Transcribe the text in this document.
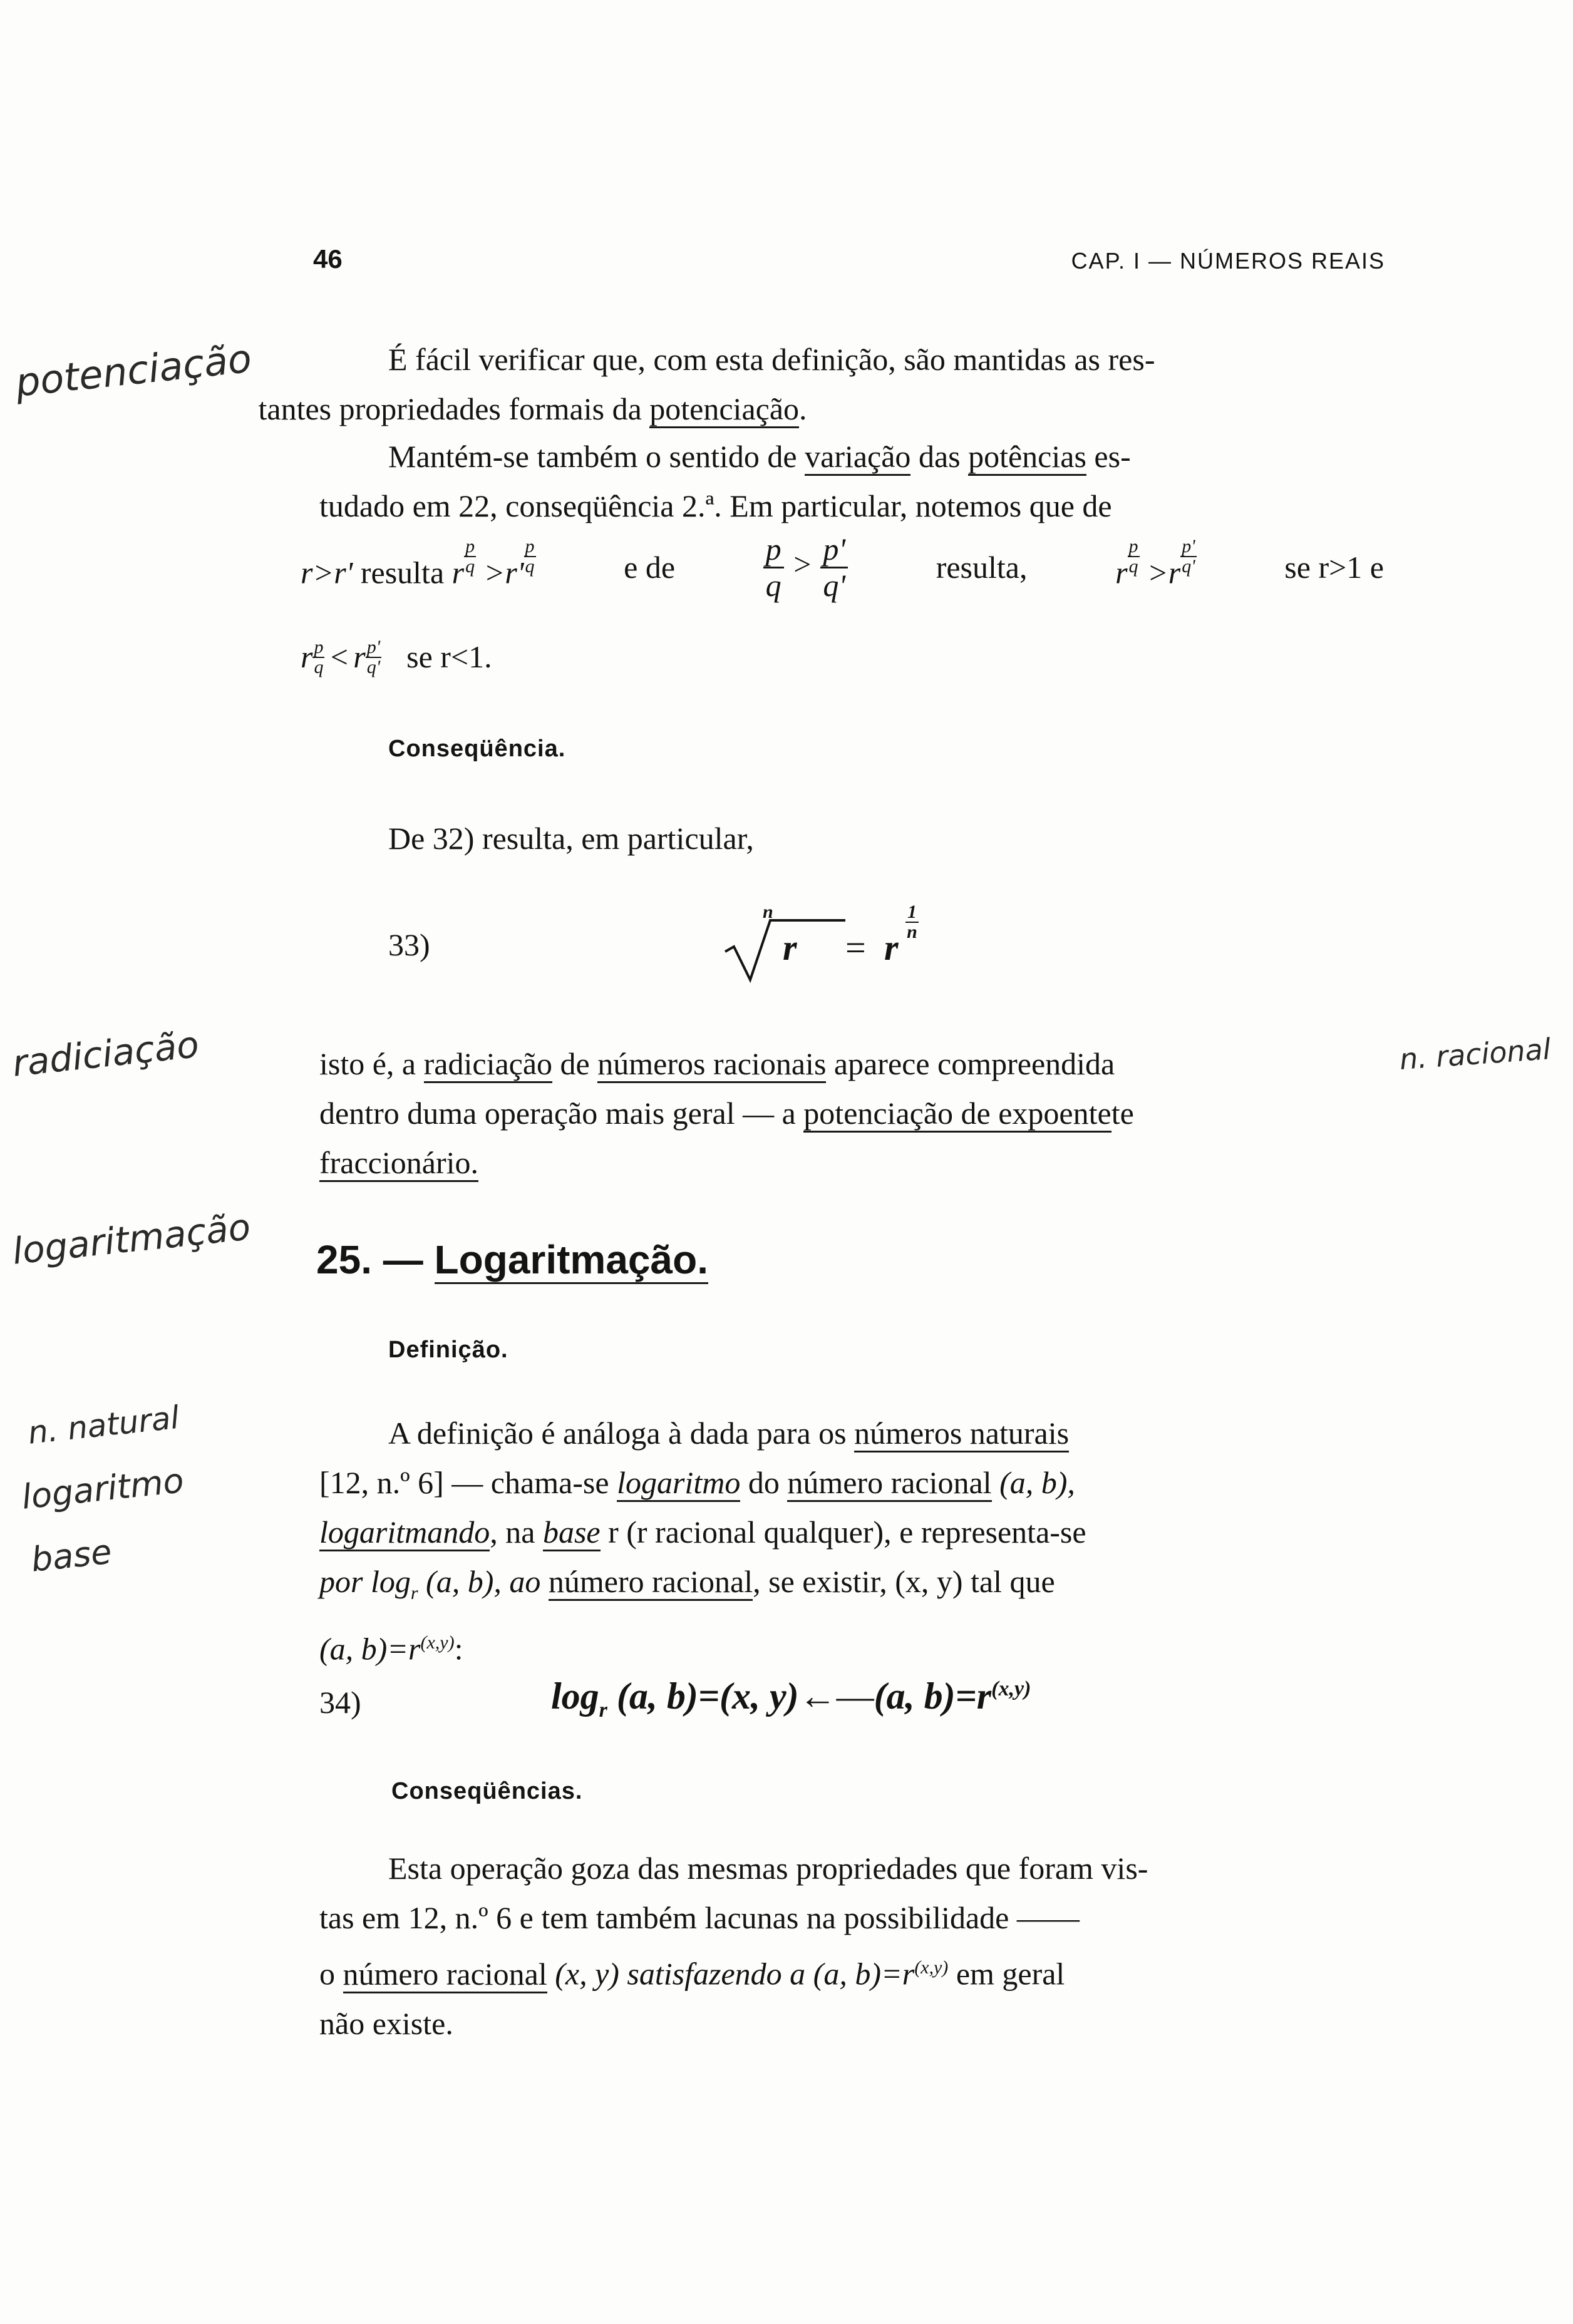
46	CAP. I — NÚMEROS REAIS
É fácil verificar que, com esta definição, são mantidas as res-
tantes propriedades formais da potenciação.
Mantém-se também o sentido de variação das potências es-
tudado em 22, conseqüência 2.ª. Em particular, notemos que de
r>r' resulta r $\frac{p}{q} >r' \frac{p}{q}$	e de	$\frac{p}{q} > \frac{p'}{q'}$	resulta,	r $\frac{p}{q} >r \frac{p'}{q'}$	se r>1 e
r $\frac{p}{q} < r \frac{p'}{q'}$ se r<1.
Conseqüência.
De 32) resulta, em particular,
33)
n
r = r
1
n
isto é, a radiciação de números racionais aparece compreendida
dentro duma operação mais geral — a potenciação de expoentete
fraccionário.
25. — Logaritmação.
Definição.
A definição é análoga à dada para os números naturais
[12, n.º 6] — chama-se logaritmo do número racional (a, b),
logaritmando, na base r (r racional qualquer), e representa-se
por $\log_r (a$, b), ao número racional, se existir, (x, y) tal que
(a, $b)=r^{(x,y)}$:
34)	$\log_r (a$, b)=(x, y)←—(a, $b)=r^{(x,y)}$
Conseqüências.
Esta operação goza das mesmas propriedades que foram vis-
tas em 12, n.º 6 e tem também lacunas na possibilidade ——
o número racional (x, y) satisfazendo a (a, $b)=r^{(x,y)}$ em geral
não existe.
potenciação
radiciação
logaritmação
n. natural
logaritmo
base
n. racional
